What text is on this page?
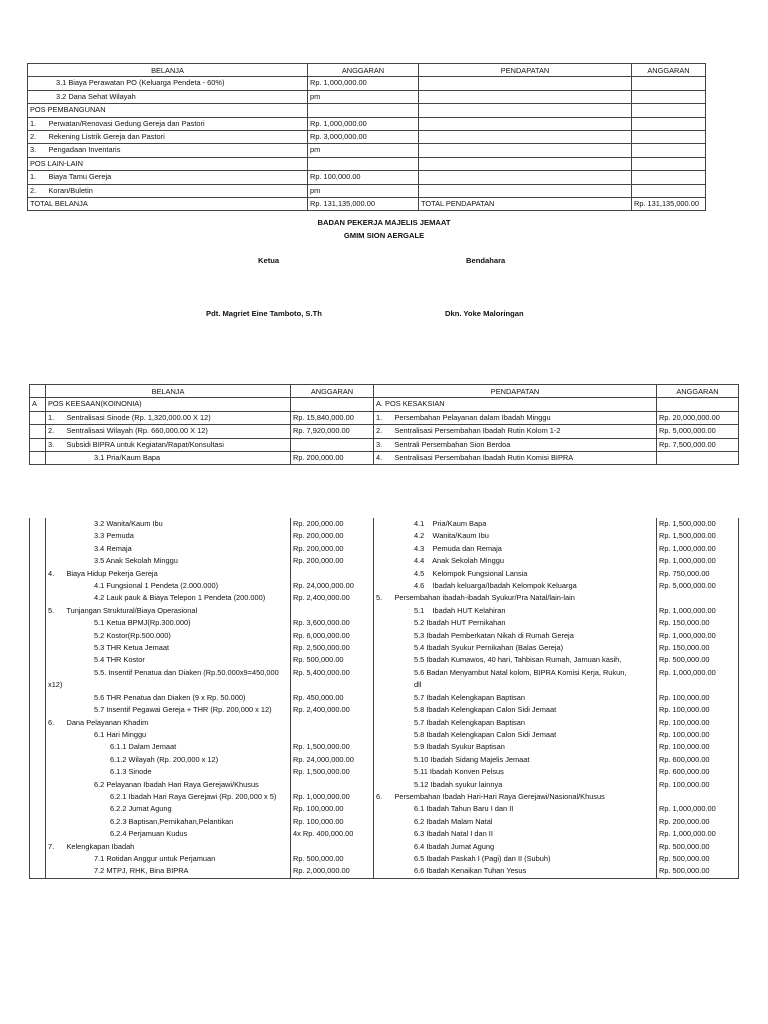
BELANJA	ANGGARAN	PENDAPATAN	ANGGARAN
3.1 Biaya Perawatan PO (Keluarga Pendeta - 60%)	Rp. 1,000,000.00		
3.2 Dana Sehat Wilayah	pm		
POS PEMBANGUNAN			
1.      Perwatan/Renovasi Gedung Gereja dan Pastori	Rp. 1,000,000.00		
2.      Rekening Listrik Gereja dan Pastori	Rp. 3,000,000.00		
3.      Pengadaan Inventaris	pm		
POS LAIN-LAIN			
1.      Biaya Tamu Gereja	Rp. 100,000.00		
2.      Koran/Buletin	pm		
TOTAL BELANJA	Rp. 131,135,000.00	TOTAL PENDAPATAN	Rp. 131,135,000.00
BADAN PEKERJA MAJELIS JEMAAT
GMIM SION AERGALE
Ketua	Bendahara
Pdt. Magriet Eine Tamboto, S.Th	Dkn. Yoke Maloringan
	BELANJA	ANGGARAN	PENDAPATAN	ANGGARAN
A	POS KEESAAN(KOINONIA)		A. POS KESAKSIAN	
	1.      Sentralisasi Sinode (Rp. 1,320,000.00 X 12)	Rp. 15,840,000.00	1.      Persembahan Pelayanan dalam Ibadah Minggu	Rp. 20,000,000.00
	2.      Sentralisasi Wilayah (Rp. 660,000.00 X 12)	Rp. 7,920,000.00	2.      Sentralisasi Persembahan Ibadah Rutin Kolom 1-2	Rp. 5,000,000.00
	3.      Subsidi BIPRA untuk Kegiatan/Rapat/Konsultasi		3.      Sentrali Persembahan Sion Berdoa	Rp. 7,500,000.00
	3.1 Pria/Kaum Bapa	Rp. 200,000.00	4.      Sentralisasi Persembahan Ibadah Rutin Komisi BIPRA	
	3.2 Wanita/Kaum Ibu	Rp. 200,000.00	4.1    Pria/Kaum Bapa	Rp. 1,500,000.00
	3.3 Pemuda	Rp. 200,000.00	4.2    Wanita/Kaum Ibu	Rp. 1,500,000.00
	3.4 Remaja	Rp. 200,000.00	4.3    Pemuda dan Remaja	Rp. 1,000,000.00
	3.5 Anak Sekolah Minggu	Rp. 200,000.00	4.4    Anak Sekolah Minggu	Rp. 1,000,000.00
	4.      Biaya Hidup Pekerja Gereja		4.5    Kelompok Fungsional Lansia	Rp. 750,000.00
	4.1 Fungsional 1 Pendeta (2.000.000)	Rp. 24,000,000.00	4.6    Ibadah keluarga/Ibadah Kelompok Keluarga	Rp. 5,000,000.00
	4.2 Lauk pauk & Biaya Telepon 1 Pendeta (200.000)	Rp. 2,400,000.00	5.      Persembahan ibadah-ibadah Syukur/Pra Natal/lain-lain	
	5.      Tunjangan Struktural/Biaya Operasional		5.1    Ibadah HUT Kelahiran	Rp. 1,000,000.00
	5.1 Ketua BPMJ(Rp.300.000)	Rp. 3,600,000.00	5.2 Ibadah HUT Pernikahan	Rp. 150,000.00
	5.2 Kostor(Rp.500.000)	Rp. 6,000,000.00	5.3 Ibadah Pemberkatan Nikah di Rumah Gereja	Rp. 1,000,000.00
	5.3 THR Ketua Jemaat	Rp. 2,500,000.00	5.4 Ibadah Syukur Pernikahan (Balas Gereja)	Rp. 150,000.00
	5.4 THR Kostor	Rp. 500,000.00	5.5 Ibadah Kumawos, 40 hari, Tahbisan Rumah, Jamuan kasih,	Rp. 500,000.00
	5.5. Insentif Penatua dan Diaken (Rp.50.000x9=450,000	Rp. 5,400,000.00	5.6 Badan Menyambut Natal kolom, BIPRA Komisi Kerja, Rukun,	Rp. 1,000,000.00
	x12)		dll	
	5.6 THR Penatua dan Diaken (9 x Rp. 50.000)	Rp. 450,000.00	5.7 Ibadah Kelengkapan Baptisan	Rp. 100,000.00
	5.7 Insentif Pegawai Gereja + THR (Rp. 200,000 x 12)	Rp. 2,400,000.00	5.8 Ibadah Kelengkapan Calon Sidi Jemaat	Rp. 100,000.00
	6.      Dana Pelayanan Khadim		5.7 Ibadah Kelengkapan Baptisan	Rp. 100,000.00
	6.1 Hari Minggu		5.8 Ibadah Kelengkapan Calon Sidi Jemaat	Rp. 100,000.00
	6.1.1 Dalam Jemaat	Rp. 1,500,000.00	5.9 Ibadah Syukur Baptisan	Rp. 100,000.00
	6.1.2 Wilayah (Rp. 200,000 x 12)	Rp. 24,000,000.00	5.10 Ibadah Sidang Majelis Jemaat	Rp. 600,000.00
	6.1.3 Sinode	Rp. 1,500,000.00	5.11 Ibadah Konven Pelsus	Rp. 600,000.00
	6.2 Pelayanan Ibadah Hari Raya Gerejawi/Khusus		5.12 Ibadah syukur lainnya	Rp. 100,000.00
	6.2.1 Ibadah Hari Raya Gerejawi (Rp. 200,000 x 5)	Rp. 1,000,000.00	6.      Persembahan Ibadah Hari-Hari Raya Gerejawi/Nasional/Khusus	
	6.2.2 Jumat Agung	Rp. 100,000.00	6.1 Ibadah Tahun Baru I dan II	Rp. 1,000,000.00
	6.2.3 Baptisan,Pernikahan,Pelantikan	Rp. 100,000.00	6.2 Ibadah Malam Natal	Rp. 200,000.00
	6.2.4 Perjamuan Kudus	4x Rp. 400,000.00	6.3 Ibadah Natal I dan II	Rp. 1,000,000.00
	7.      Kelengkapan Ibadah		6.4 Ibadah Jumat Agung	Rp. 500,000.00
	7.1 Rotidan Anggur untuk Perjamuan	Rp. 500,000.00	6.5 Ibadah Paskah I (Pagi) dan II (Subuh)	Rp. 500,000.00
	7.2 MTPJ, RHK, Bina BIPRA	Rp. 2,000,000.00	6.6 Ibadah Kenaikan Tuhan Yesus	Rp. 500,000.00
